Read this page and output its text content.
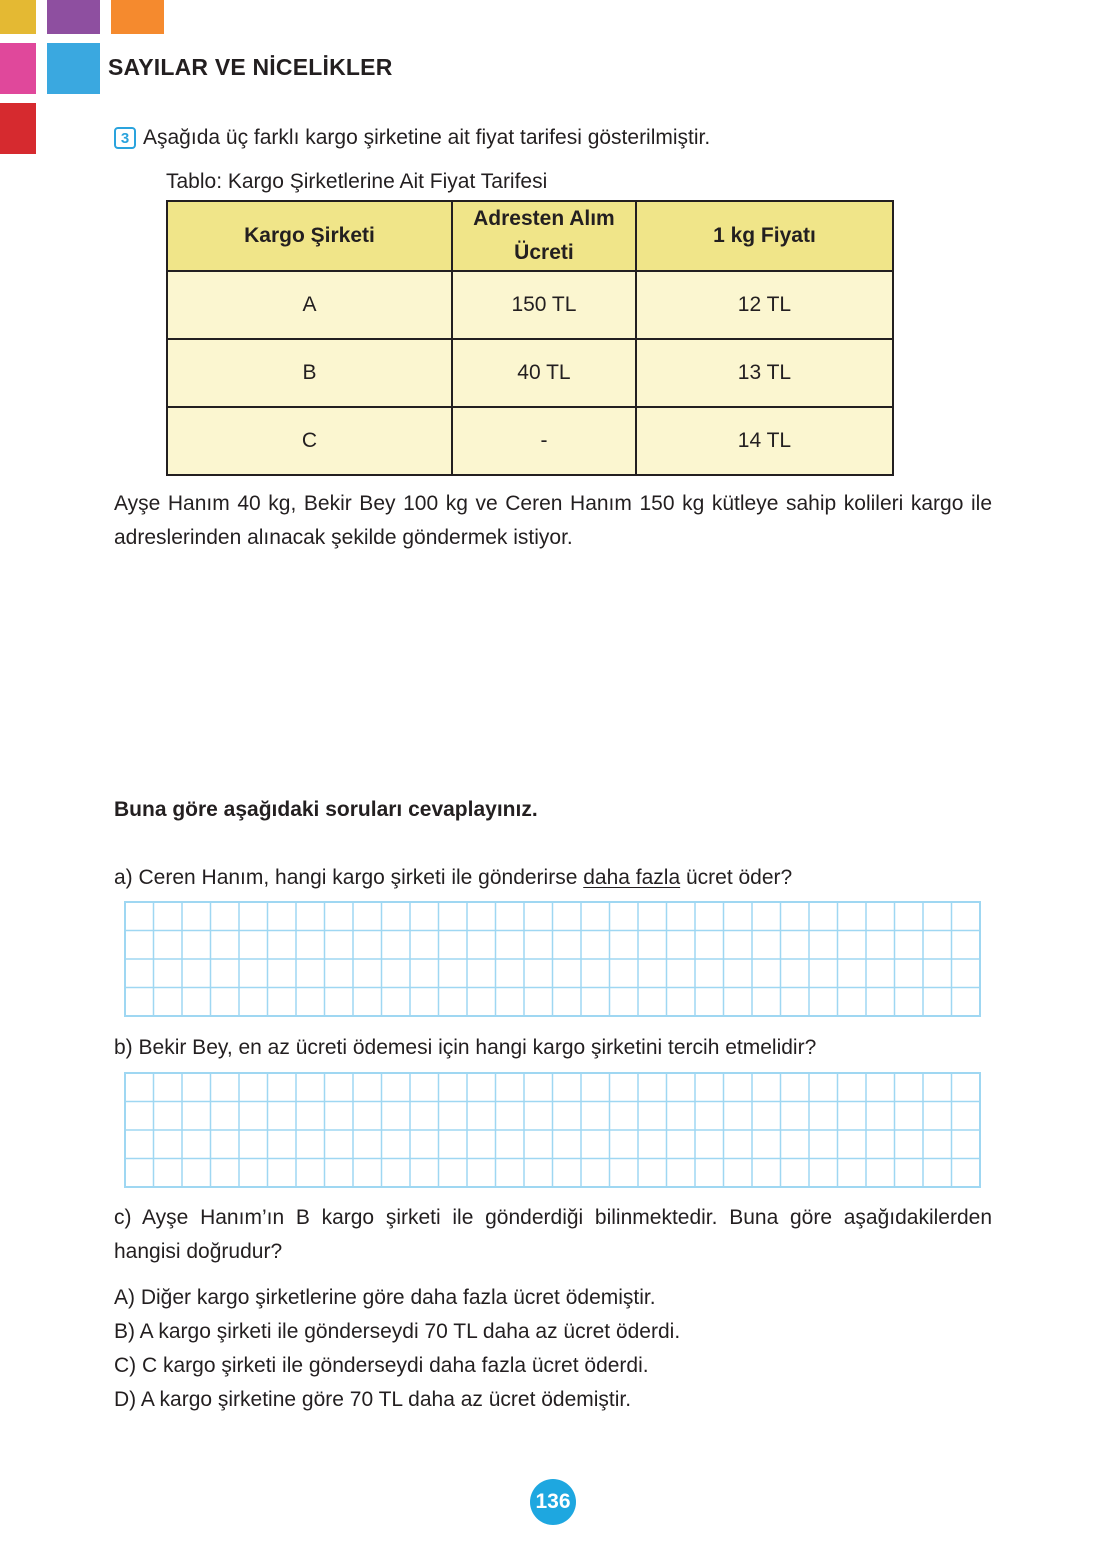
SAYILAR VE NİCELİKLER
3 Aşağıda üç farklı kargo şirketine ait fiyat tarifesi gösterilmiştir.
Tablo: Kargo Şirketlerine Ait Fiyat Tarifesi
Kargo Şirketi	Adresten Alım Ücreti	1 kg Fiyatı
A	150 TL	12 TL
B	40 TL	13 TL
C	-	14 TL
Ayşe Hanım 40 kg, Bekir Bey 100 kg ve Ceren Hanım 150 kg kütleye sahip kolileri kargo ile adreslerinden alınacak şekilde göndermek istiyor.
Buna göre aşağıdaki soruları cevaplayınız.
a) Ceren Hanım, hangi kargo şirketi ile gönderirse daha fazla ücret öder?
b) Bekir Bey, en az ücreti ödemesi için hangi kargo şirketini tercih etmelidir?
c) Ayşe Hanım’ın B kargo şirketi ile gönderdiği bilinmektedir. Buna göre aşağıdakilerden hangisi doğrudur?
A) Diğer kargo şirketlerine göre daha fazla ücret ödemiştir.
B) A kargo şirketi ile gönderseydi 70 TL daha az ücret öderdi.
C) C kargo şirketi ile gönderseydi daha fazla ücret öderdi.
D) A kargo şirketine göre 70 TL daha az ücret ödemiştir.
136
